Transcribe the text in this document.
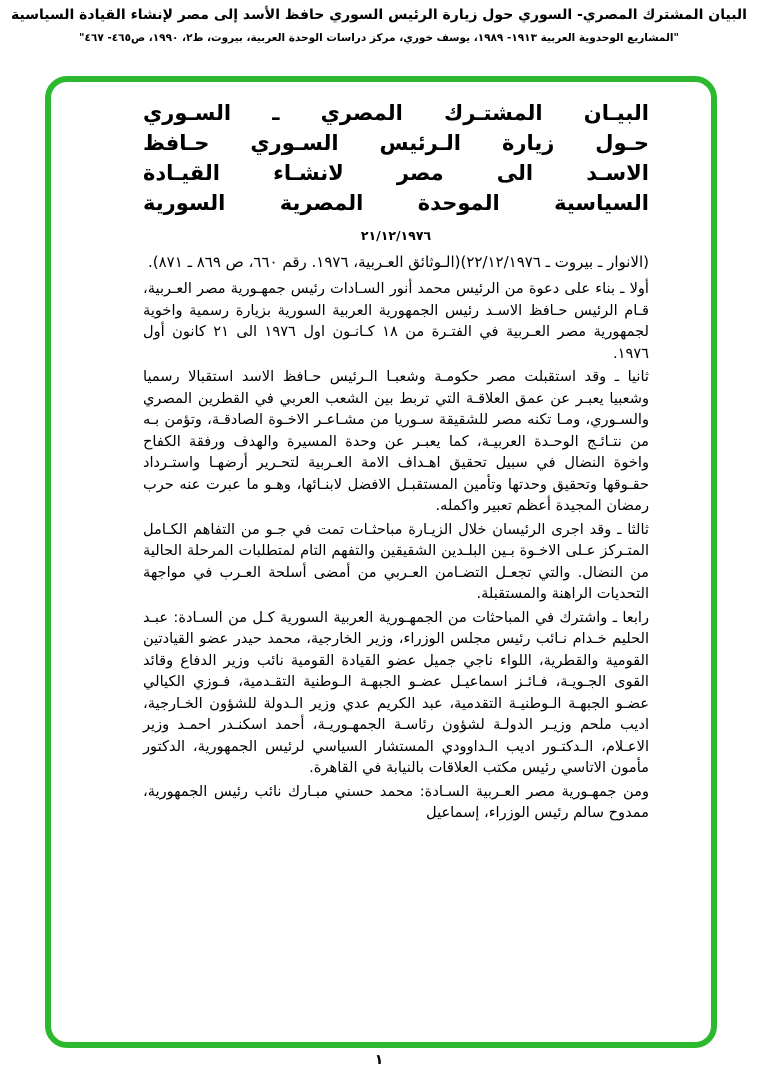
البيان المشترك المصري- السوري حول زيارة الرئيس السوري حافظ الأسد إلى مصر لإنشاء القيادة السياسية
"المشاريع الوحدوية العربية ١٩١٣- ١٩٨٩، يوسف خوري، مركز دراسات الوحدة العربية، بيروت، ط٢، ١٩٩٠، ص٤٦٥- ٤٦٧"
البيـان المشتـرك المصري ـ السـوري
حـول زيارة الـرئيس السـوري حـافظ
الاسـد الى مصر لانشـاء القيـادة
السياسية الموحدة المصرية السورية
٢١/١٢/١٩٧٦
(الانوار ـ بيروت ـ ٢٢/١٢/١٩٧٦)(الـوثائق العـربية، ١٩٧٦. رقم ٦٦٠، ص ٨٦٩ ـ ٨٧١).

أولا ـ بناء على دعوة من الرئيس محمد أنور السـادات رئيس جمهـورية مصر العـربية، قـام الرئيس حـافظ الاسـد رئيس الجمهورية العربية السورية بزيارة رسمية واخوية لجمهورية مصر العـربية في الفتـرة من ١٨ كـانـون اول ١٩٧٦ الى ٢١ كانون أول ١٩٧٦.

ثانيا ـ وقد استقبلت مصر حكومـة وشعبـا الـرئيس حـافظ الاسد استقبالا رسميا وشعبيا يعبـر عن عمق العلاقـة التي تربط بين الشعب العربي في القطرين المصري والسـوري، ومـا تكنه مصر للشقيقة سـوريا من مشـاعـر الاخـوة الصادقـة، وتؤمن بـه من نتـائـج الوحـدة العربيـة، كما يعبـر عن وحدة المسيرة والهدف ورفقة الكفاح واخوة النضال في سبيل تحقيق اهـداف الامة العـربية لتحـرير أرضهـا واستـرداد حقـوقها وتحقيق وحدتها وتأمين المستقبـل الافضل لابنـائها، وهـو ما عبرت عنه حرب رمضان المجيدة أعظم تعبير واكمله.

ثالثا ـ وقد اجرى الرئيسان خلال الزيـارة مباحثـات تمت في جـو من التفاهم الكـامل المتـركز عـلى الاخـوة بـين البلـدين الشقيقين والتفهم التام لمتطلبات المرحلة الحالية من النضال. والتي تجعـل التضـامن العـربي من أمضى أسلحة العـرب في مواجهة التحديات الراهنة والمستقبلة.

رابعا ـ واشترك في المباحثات من الجمهـورية العربية السورية كـل من السـادة: عبـد الحليم خـدام نـائب رئيس مجلس الوزراء، وزير الخارجية، محمد حيدر عضو القيادتين القومية والقطرية، اللواء ناجي جميل عضو القيادة القومية نائب وزير الدفاع وقائد القوى الجـويـة، فـائـز اسماعيـل عضـو الجبهـة الـوطنية التقـدمية، فـوزي الكيالي عضـو الجبهـة الـوطنيـة التقدمية، عبد الكريم عدي وزير الـدولة للشؤون الخـارجية، اديب ملحم وزيـر الدولـة لشؤون رئاسـة الجمهـوريـة، أحمد اسكنـدر احمـد وزير الاعـلام، الـدكتـور اديب الـداوودي المستشار السياسي لرئيس الجمهورية، الدكتور مأمون الاتاسي رئيس مكتب العلاقات بالنيابة في القاهرة.

ومن جمهـورية مصر العـربية السـادة: محمد حسني مبـارك نائب رئيس الجمهورية، ممدوح سالم رئيس الوزراء، إسماعيل

١
